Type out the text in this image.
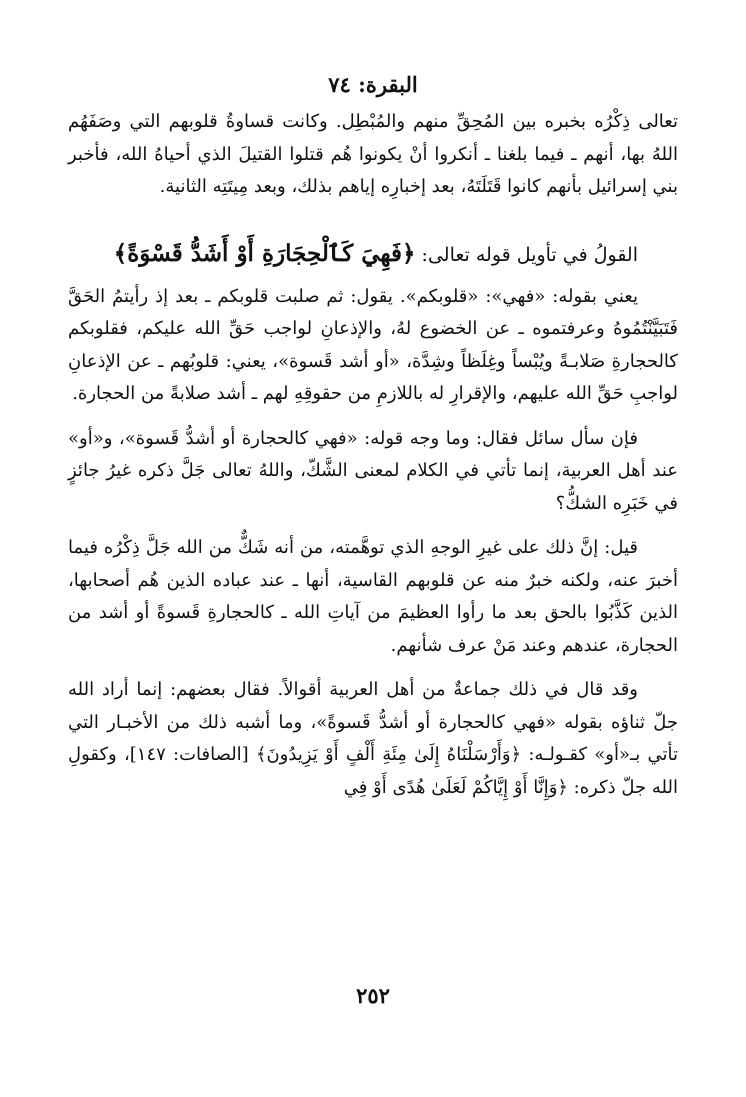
البقرة: ٧٤

تعالى ذِكْرُه بخبره بين المُحِقِّ منهم والمُبْطِل. وكانت قساوةُ قلوبهم التي وصَفَهُم اللهُ بها، أنهم ـ فيما بلغنا ـ أنكروا أنْ يكونوا هُم قتلوا القتيلَ الذي أحياهُ الله، فأخبر بني إسرائيل بأنهم كانوا قَتَلَتَهُ، بعد إخبارِه إياهم بذلك، وبعد مِيتَتِه الثانية.

القولُ في تأويل قوله تعالى: ﴿فَهِيَ كَٱلْحِجَارَةِ أَوْ أَشَدُّ قَسْوَةً﴾

يعني بقوله: «فهي»: «قلوبكم». يقول: ثم صلبت قلوبكم ـ بعد إذ رأيتمُ الحَقَّ فَتَبَيَّنْتُمُوهُ وعرفتموه ـ عن الخضوع لهُ، والإذعانِ لواجب حَقِّ الله عليكم، فقلوبكم كالحجارةِ صَلابـةً ويُبْساً وغِلَظاً وشِدَّة، «أو أشد قَسوة»، يعني: قلوبُهم ـ عن الإذعانِ لواجبِ حَقِّ الله عليهم، والإقرارِ له باللازمِ من حقوقِهِ لهم ـ أشد صلابةً من الحجارة.

فإن سأل سائل فقال: وما وجه قوله: «فهي كالحجارة أو أشدُّ قَسوة»، و«أو» عند أهل العربية، إنما تأتي في الكلام لمعنى الشَّكّ، واللهُ تعالى جَلَّ ذكره غيرُ جائزٍ في خَبَرِه الشكُّ؟

قيل: إنَّ ذلك على غيرِ الوجهِ الذي توهَّمته، من أنه شَكٌّ من الله جَلَّ ذِكْرُه فيما أخبرَ عنه، ولكنه خبرٌ منه عن قلوبهم القاسية، أنها ـ عند عباده الذين هُم أصحابها، الذين كَذَّبُوا بالحق بعد ما رأوا العظيمَ من آياتِ الله ـ كالحجارةِ قَسوةً أو أشد من الحجارة، عندهم وعند مَنْ عرف شأنهم.

وقد قال في ذلك جماعةٌ من أهل العربية أقوالاً. فقال بعضهم: إنما أراد الله جلّ ثناؤه بقوله «فهي كالحجارة أو أشدُّ قَسوةً»، وما أشبه ذلك من الأخبـار التي تأتي بـ«أو» كقـولـه: ﴿وَأَرْسَلْنَاهُ إِلَىٰ مِئَةِ أَلْفٍ أَوْ يَزِيدُونَ﴾ [الصافات: ١٤٧]، وكقولِ الله جلّ ذكره: ﴿وَإِنَّا أَوْ إِيَّاكُمْ لَعَلَىٰ هُدًى أَوْ فِي

٢٥٢
